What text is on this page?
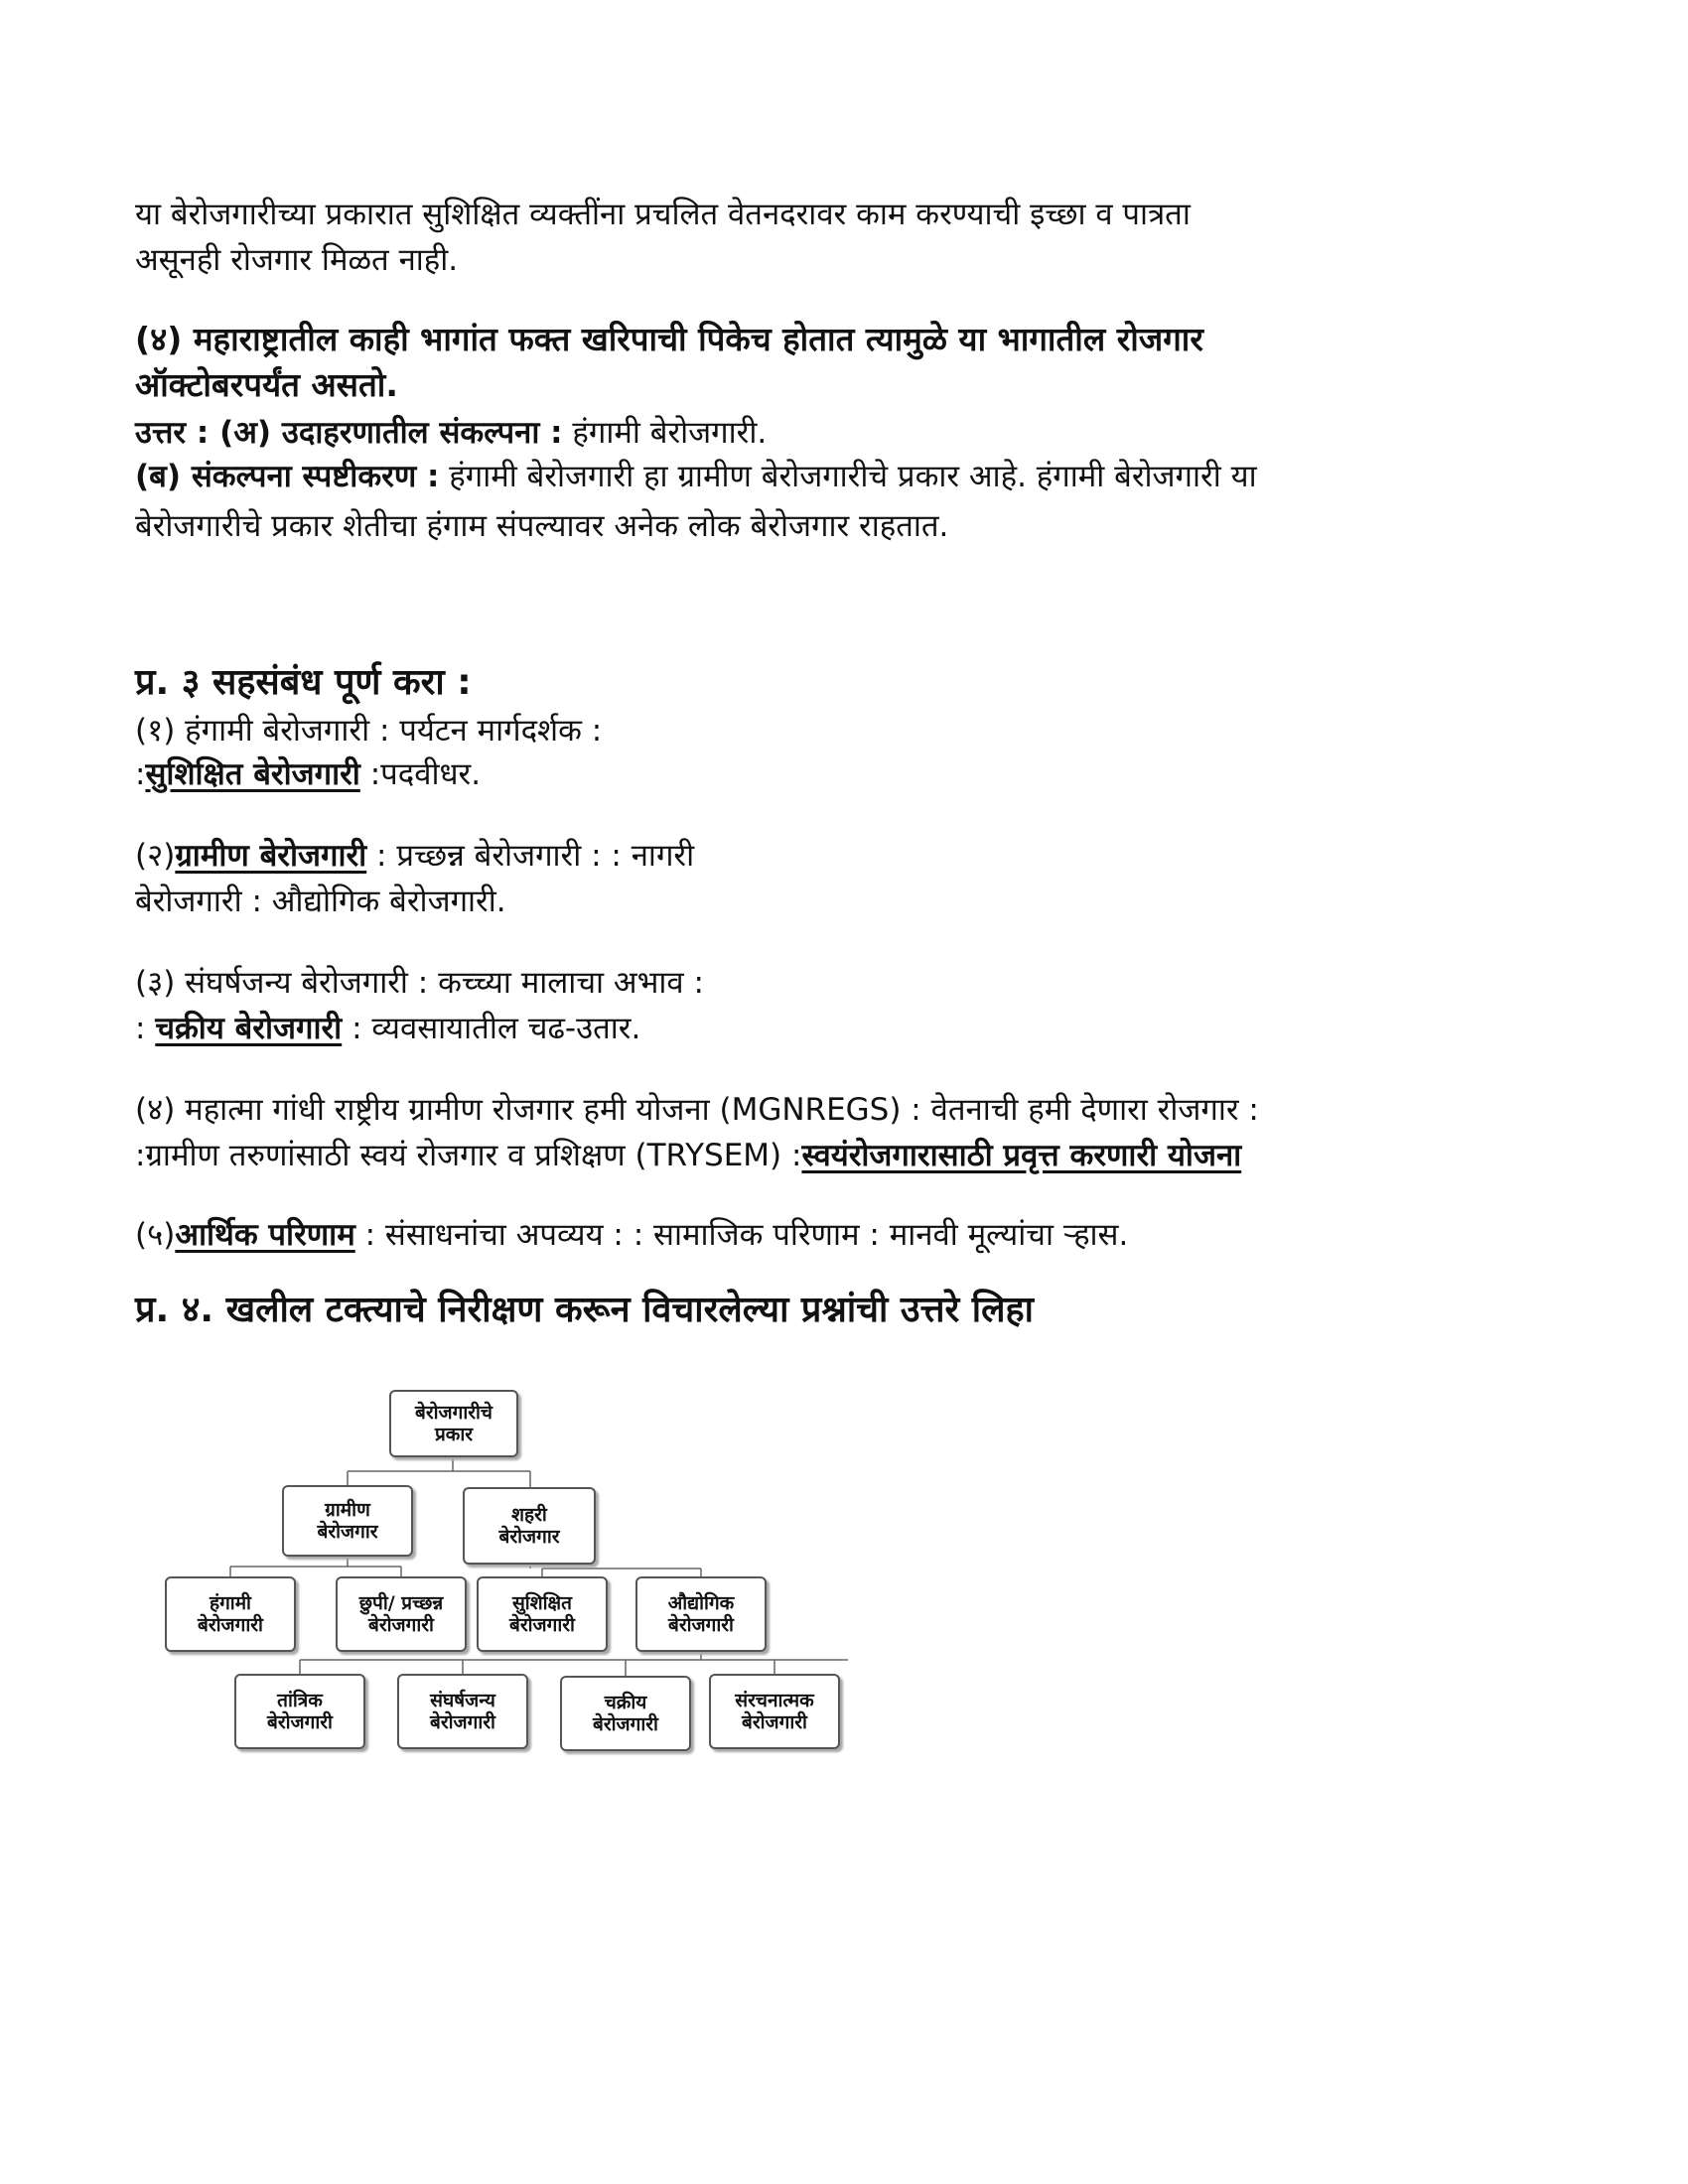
या बेरोजगारीच्या प्रकारात सुशिक्षित व्यक्तींना प्रचलित वेतनदरावर काम करण्याची इच्छा व पात्रता
असूनही रोजगार मिळत नाही.
(४) महाराष्ट्रातील काही भागांत फक्त खरिपाची पिकेच होतात त्यामुळे या भागातील रोजगार
ऑक्टोबरपर्यंत असतो.
उत्तर : (अ) उदाहरणातील संकल्पना : हंगामी बेरोजगारी.
(ब) संकल्पना स्पष्टीकरण : हंगामी बेरोजगारी हा ग्रामीण बेरोजगारीचे प्रकार आहे. हंगामी बेरोजगारी या
बेरोजगारीचे प्रकार शेतीचा हंगाम संपल्यावर अनेक लोक बेरोजगार राहतात.
प्र. ३ सहसंबंध पूर्ण करा :
(१) हंगामी बेरोजगारी : पर्यटन मार्गदर्शक :
:सुशिक्षित बेरोजगारी :पदवीधर.
(२)ग्रामीण बेरोजगारी : प्रच्छन्न बेरोजगारी : : नागरी
बेरोजगारी : औद्योगिक बेरोजगारी.
(३) संघर्षजन्य बेरोजगारी : कच्च्या मालाचा अभाव :
: चक्रीय बेरोजगारी : व्यवसायातील चढ-उतार.
(४) महात्मा गांधी राष्ट्रीय ग्रामीण रोजगार हमी योजना (MGNREGS) : वेतनाची हमी देणारा रोजगार :
:ग्रामीण तरुणांसाठी स्वयं रोजगार व प्रशिक्षण (TRYSEM) :स्वयंरोजगारासाठी प्रवृत्त करणारी योजना
(५)आर्थिक परिणाम : संसाधनांचा अपव्यय : : सामाजिक परिणाम : मानवी मूल्यांचा ऱ्हास.
प्र. ४. खलील टक्त्याचे निरीक्षण करून विचारलेल्या प्रश्नांची उत्तरे लिहा
बेरोजगारीचे
प्रकार
ग्रामीण
बेरोजगार
शहरी
बेरोजगार
हंगामी
बेरोजगारी
छुपी/ प्रच्छन्न
बेरोजगारी
सुशिक्षित
बेरोजगारी
औद्योगिक
बेरोजगारी
तांत्रिक
बेरोजगारी
संघर्षजन्य
बेरोजगारी
चक्रीय
बेरोजगारी
संरचनात्मक
बेरोजगारी
